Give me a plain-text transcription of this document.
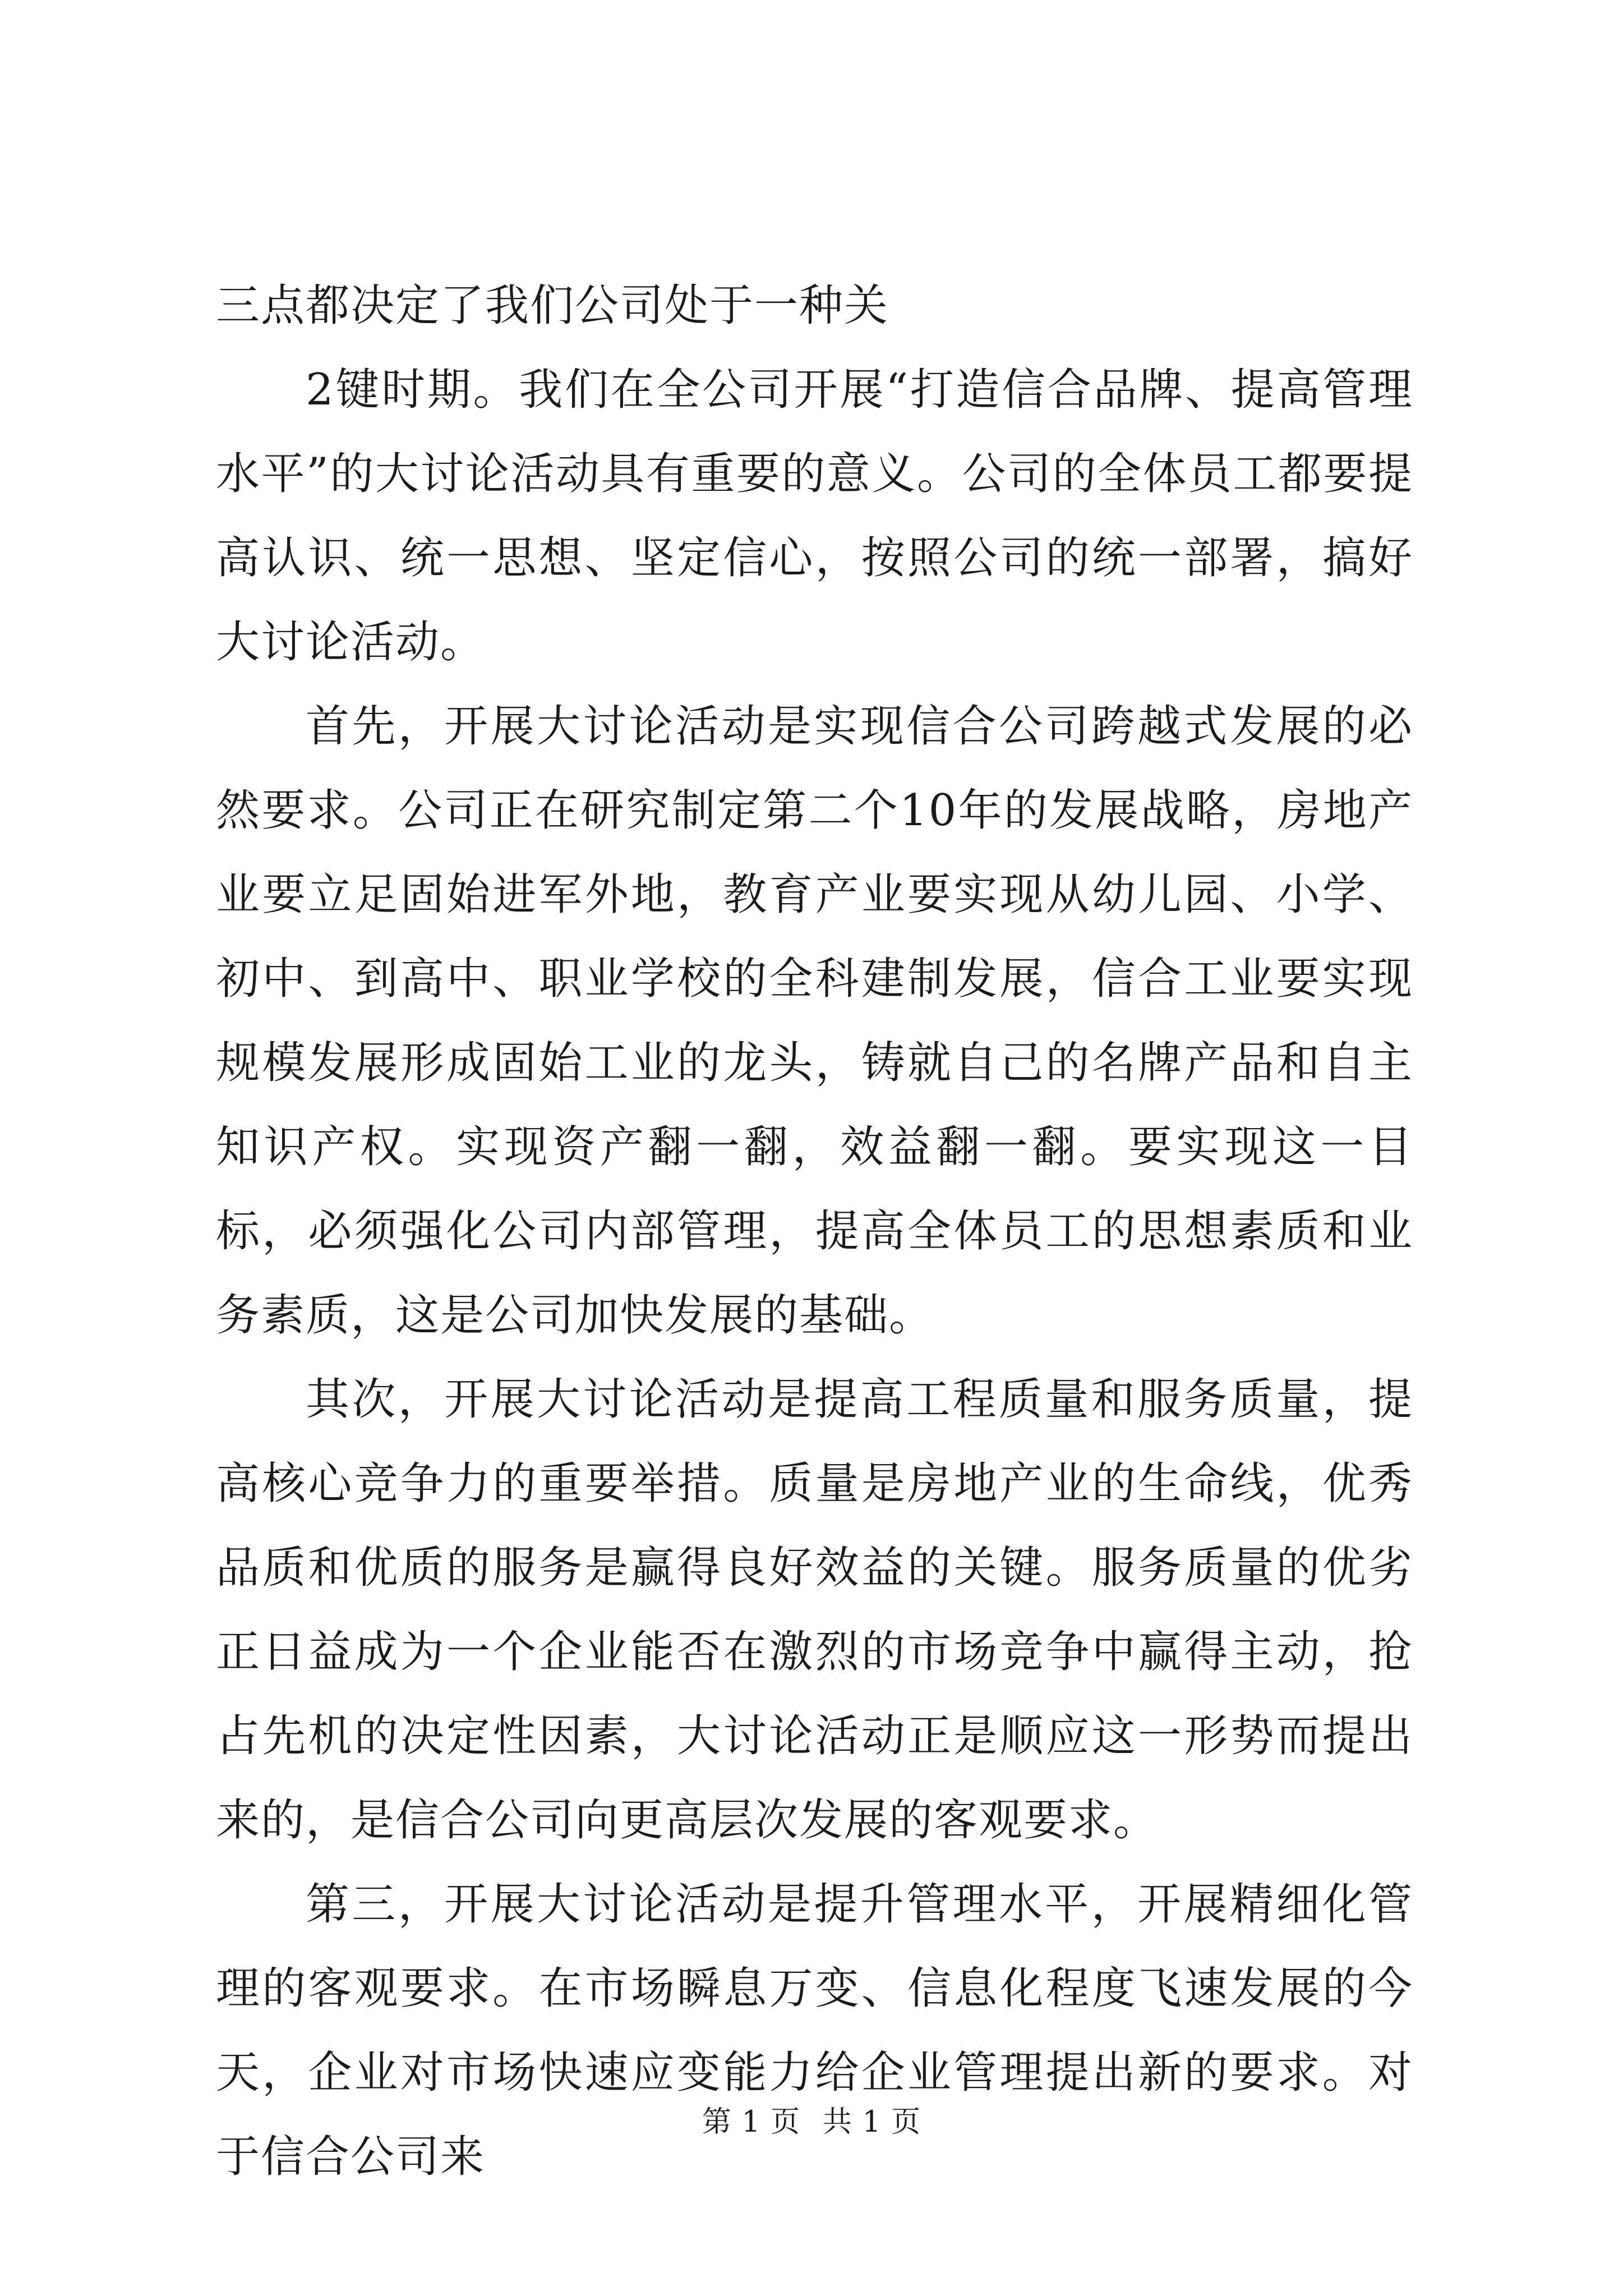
三点都决定了我们公司处于一种关

2键时期。我们在全公司开展“打造信合品牌、提高管理水平”的大讨论活动具有重要的意义。公司的全体员工都要提高认识、统一思想、坚定信心，按照公司的统一部署，搞好大讨论活动。

首先，开展大讨论活动是实现信合公司跨越式发展的必然要求。公司正在研究制定第二个10年的发展战略，房地产业要立足固始进军外地，教育产业要实现从幼儿园、小学、初中、到高中、职业学校的全科建制发展，信合工业要实现规模发展形成固始工业的龙头，铸就自己的名牌产品和自主知识产权。实现资产翻一翻，效益翻一翻。要实现这一目标，必须强化公司内部管理，提高全体员工的思想素质和业务素质，这是公司加快发展的基础。

其次，开展大讨论活动是提高工程质量和服务质量，提高核心竞争力的重要举措。质量是房地产业的生命线，优秀品质和优质的服务是赢得良好效益的关键。服务质量的优劣正日益成为一个企业能否在激烈的市场竞争中赢得主动，抢占先机的决定性因素，大讨论活动正是顺应这一形势而提出来的，是信合公司向更高层次发展的客观要求。

第三，开展大讨论活动是提升管理水平，开展精细化管理的客观要求。在市场瞬息万变、信息化程度飞速发展的今天，企业对市场快速应变能力给企业管理提出新的要求。对于信合公司来

第 1 页 共 1 页
